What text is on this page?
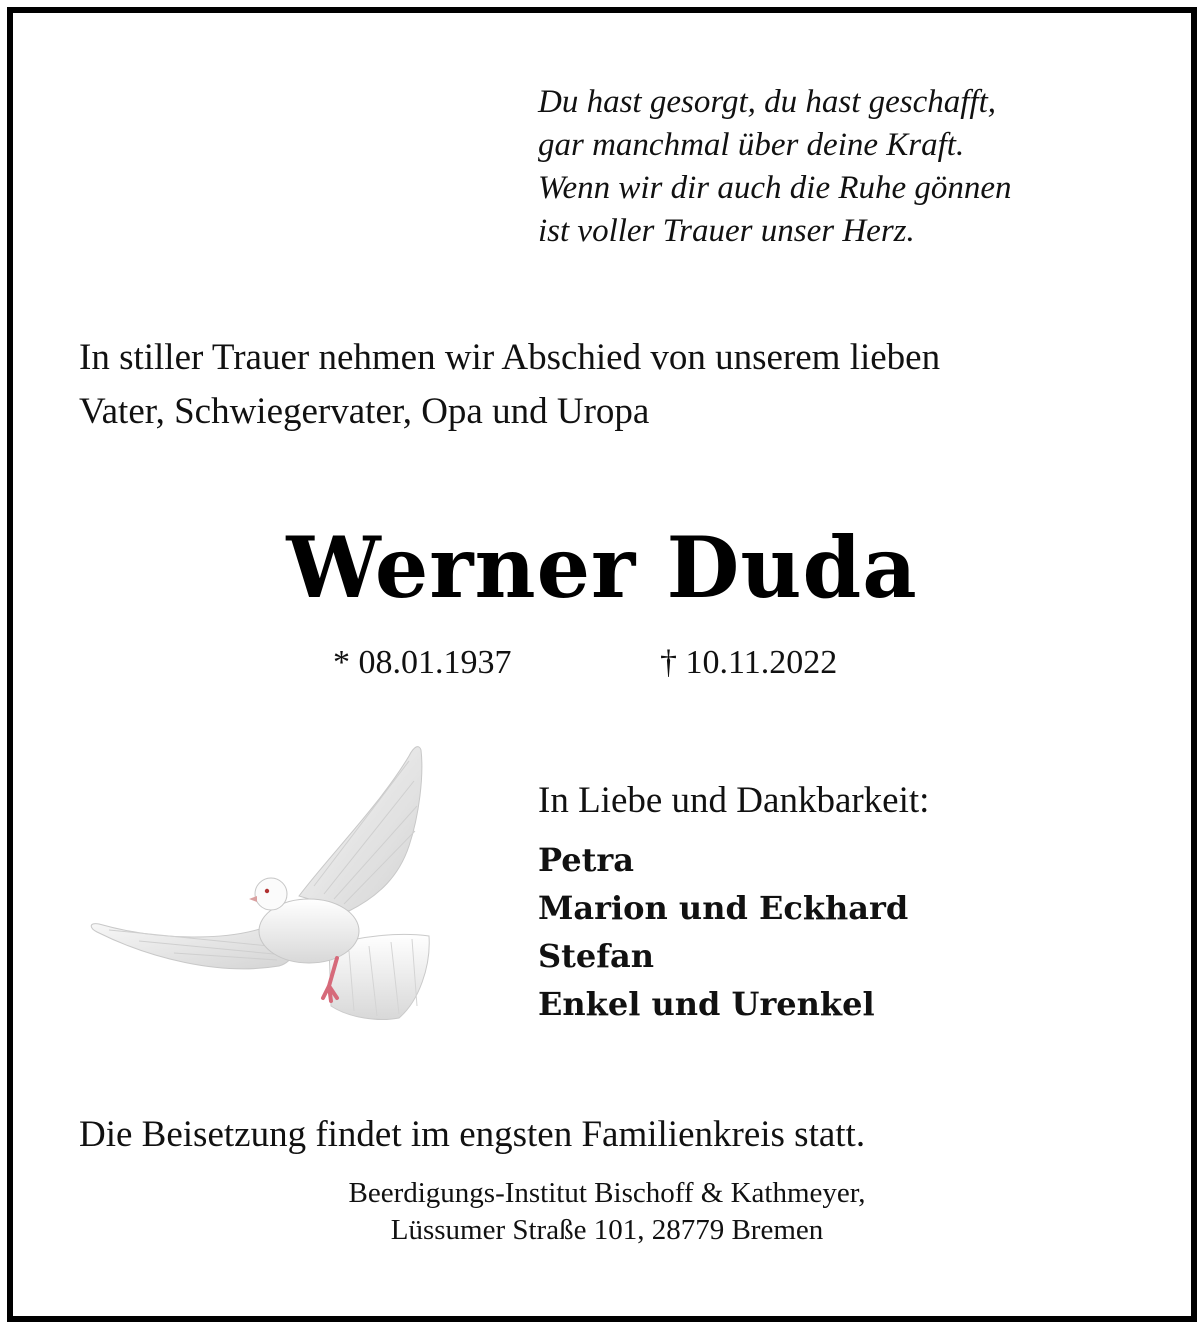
Du hast gesorgt, du hast geschafft,
gar manchmal über deine Kraft.
Wenn wir dir auch die Ruhe gönnen
ist voller Trauer unser Herz.
In stiller Trauer nehmen wir Abschied von unserem lieben
Vater, Schwiegervater, Opa und Uropa
Werner Duda
* 08.01.1937	† 10.11.2022
In Liebe und Dankbarkeit:
Petra
Marion und Eckhard
Stefan
Enkel und Urenkel
Die Beisetzung findet im engsten Familienkreis statt.
Beerdigungs-Institut Bischoff & Kathmeyer,
Lüssumer Straße 101, 28779 Bremen
